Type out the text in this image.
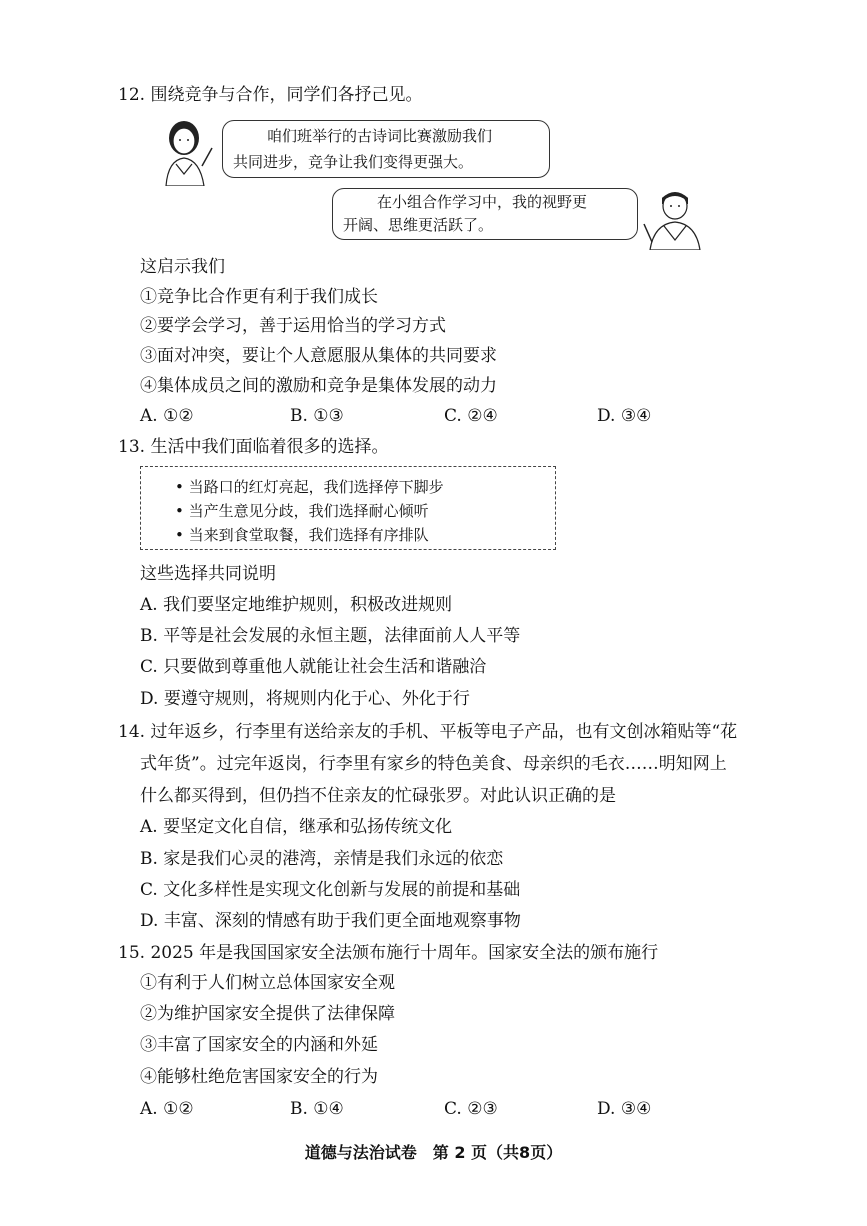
12. 围绕竞争与合作，同学们各抒己见。
咱们班举行的古诗词比赛激励我们
共同进步，竞争让我们变得更强大。
在小组合作学习中，我的视野更
开阔、思维更活跃了。
这启示我们
①竞争比合作更有利于我们成长
②要学会学习，善于运用恰当的学习方式
③面对冲突，要让个人意愿服从集体的共同要求
④集体成员之间的激励和竞争是集体发展的动力
A. ①②	B. ①③	C. ②④	D. ③④
13. 生活中我们面临着很多的选择。
• 当路口的红灯亮起，我们选择停下脚步
• 当产生意见分歧，我们选择耐心倾听
• 当来到食堂取餐，我们选择有序排队
这些选择共同说明
A. 我们要坚定地维护规则，积极改进规则
B. 平等是社会发展的永恒主题，法律面前人人平等
C. 只要做到尊重他人就能让社会生活和谐融洽
D. 要遵守规则，将规则内化于心、外化于行
14. 过年返乡，行李里有送给亲友的手机、平板等电子产品，也有文创冰箱贴等“花
式年货”。过完年返岗，行李里有家乡的特色美食、母亲织的毛衣……明知网上
什么都买得到，但仍挡不住亲友的忙碌张罗。对此认识正确的是
A. 要坚定文化自信，继承和弘扬传统文化
B. 家是我们心灵的港湾，亲情是我们永远的依恋
C. 文化多样性是实现文化创新与发展的前提和基础
D. 丰富、深刻的情感有助于我们更全面地观察事物
15. 2025 年是我国国家安全法颁布施行十周年。国家安全法的颁布施行
①有利于人们树立总体国家安全观
②为维护国家安全提供了法律保障
③丰富了国家安全的内涵和外延
④能够杜绝危害国家安全的行为
A. ①②	B. ①④	C. ②③	D. ③④
道德与法治试卷　第 2 页（共8页）
